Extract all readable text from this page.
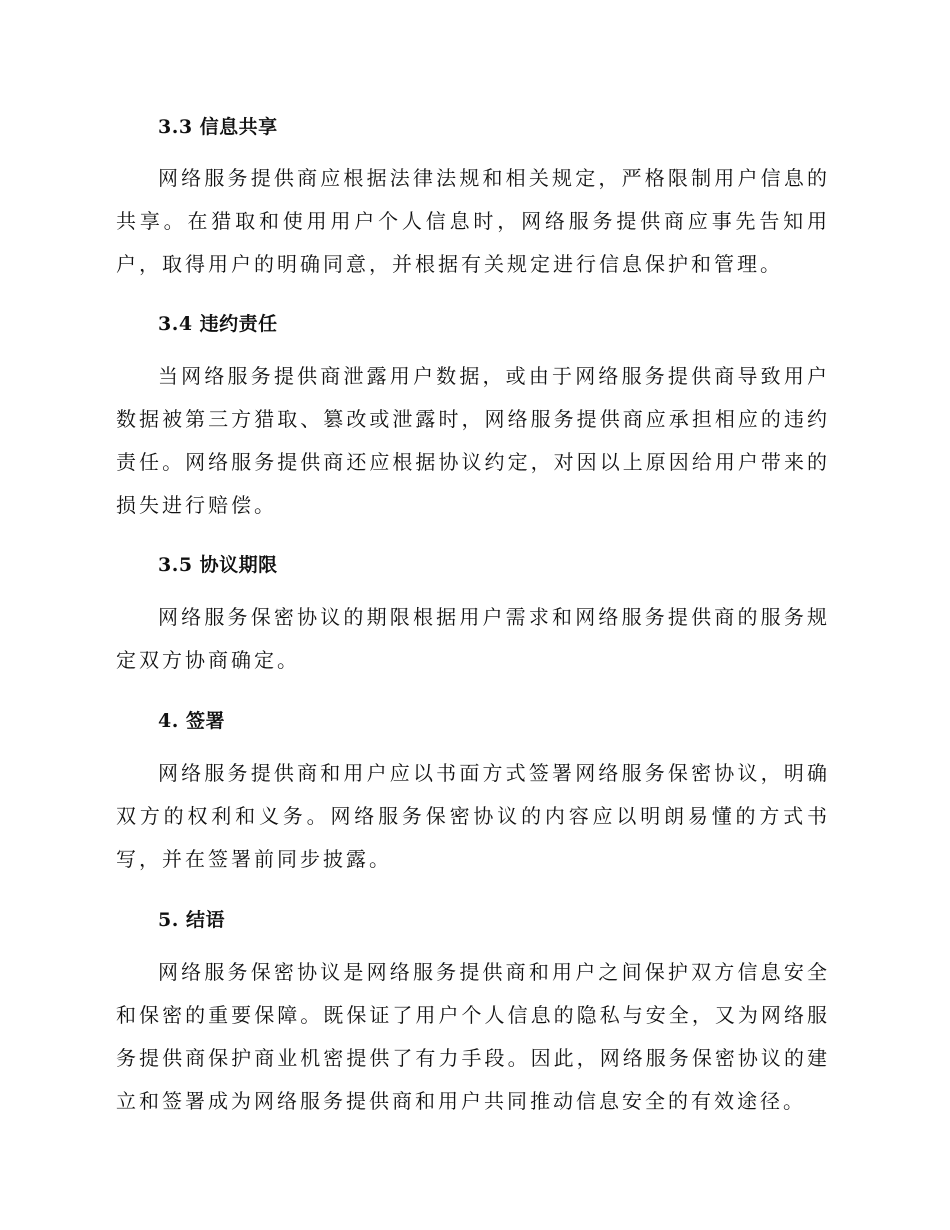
3.3 信息共享

网络服务提供商应根据法律法规和相关规定，严格限制用户信息的共享。在猎取和使用用户个人信息时，网络服务提供商应事先告知用户，取得用户的明确同意，并根据有关规定进行信息保护和管理。

3.4 违约责任

当网络服务提供商泄露用户数据，或由于网络服务提供商导致用户数据被第三方猎取、篡改或泄露时，网络服务提供商应承担相应的违约责任。网络服务提供商还应根据协议约定，对因以上原因给用户带来的损失进行赔偿。

3.5 协议期限

网络服务保密协议的期限根据用户需求和网络服务提供商的服务规定双方协商确定。

4. 签署

网络服务提供商和用户应以书面方式签署网络服务保密协议，明确双方的权利和义务。网络服务保密协议的内容应以明朗易懂的方式书写，并在签署前同步披露。

5. 结语

网络服务保密协议是网络服务提供商和用户之间保护双方信息安全和保密的重要保障。既保证了用户个人信息的隐私与安全，又为网络服务提供商保护商业机密提供了有力手段。因此，网络服务保密协议的建立和签署成为网络服务提供商和用户共同推动信息安全的有效途径。
